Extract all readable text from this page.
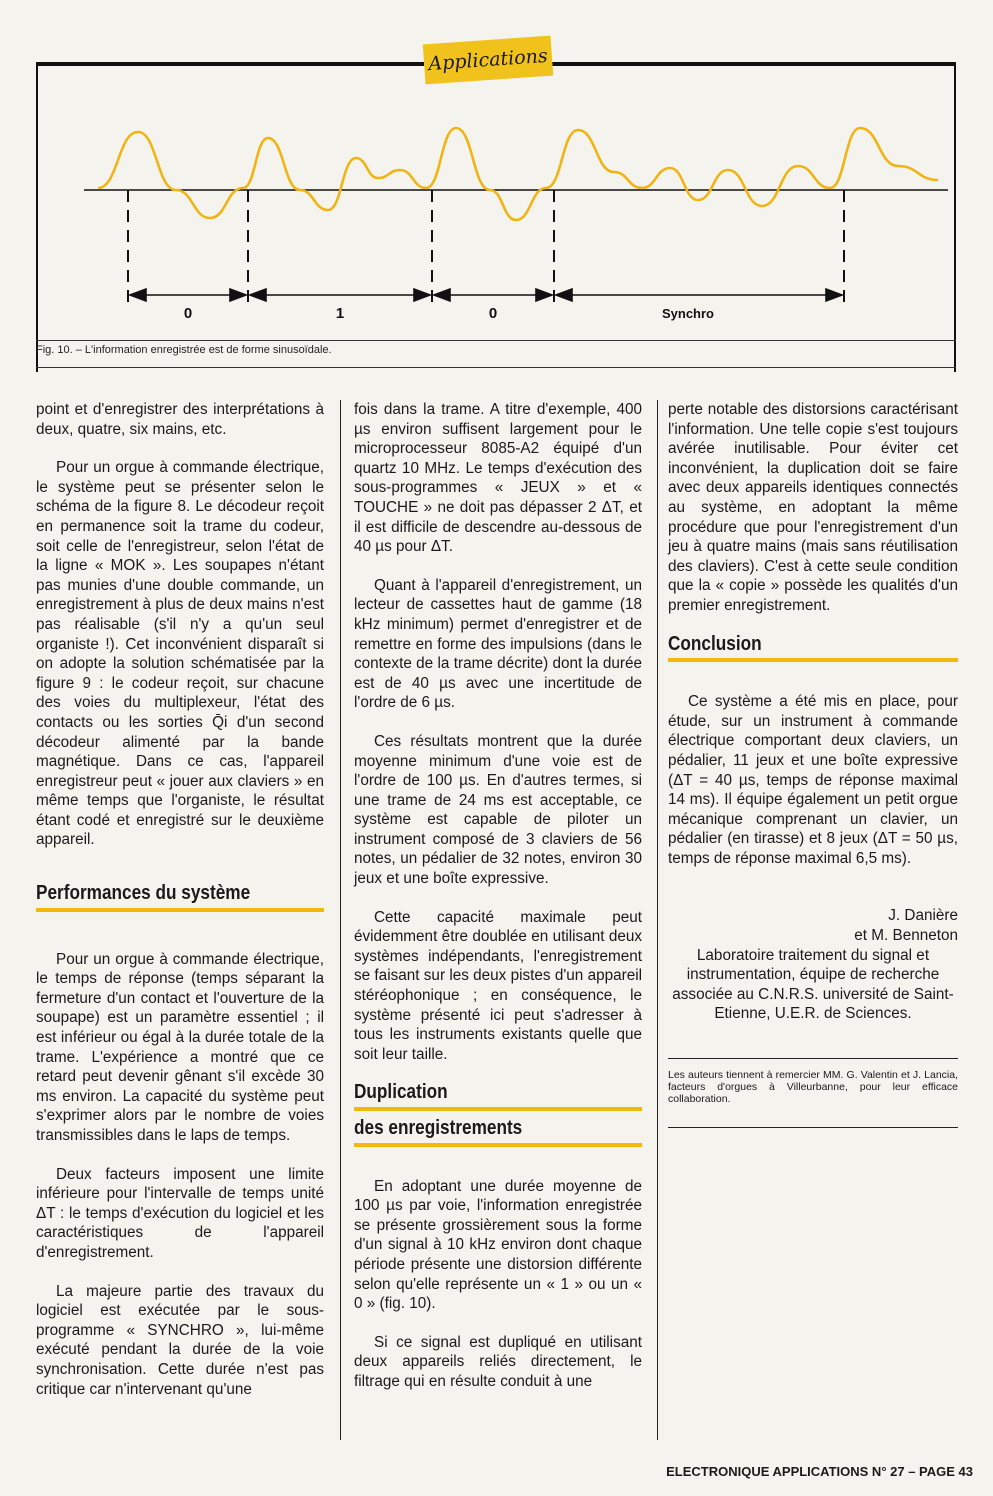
Applications
0	1	0	Synchro
Fig. 10. – L'information enregistrée est de forme sinusoïdale.

point et d'enregistrer des interprétations à deux, quatre, six mains, etc.

Pour un orgue à commande électrique, le système peut se présenter selon le schéma de la figure 8. Le décodeur reçoit en permanence soit la trame du codeur, soit celle de l'enregistreur, selon l'état de la ligne « MOK ». Les soupapes n'étant pas munies d'une double commande, un enregistrement à plus de deux mains n'est pas réalisable (s'il n'y a qu'un seul organiste !). Cet inconvénient disparaît si on adopte la solution schématisée par la figure 9 : le codeur reçoit, sur chacune des voies du multiplexeur, l'état des contacts ou les sorties Q̄i d'un second décodeur alimenté par la bande magnétique. Dans ce cas, l'appareil enregistreur peut « jouer aux claviers » en même temps que l'organiste, le résultat étant codé et enregistré sur le deuxième appareil.

Performances du système

Pour un orgue à commande électrique, le temps de réponse (temps séparant la fermeture d'un contact et l'ouverture de la soupape) est un paramètre essentiel ; il est inférieur ou égal à la durée totale de la trame. L'expérience a montré que ce retard peut devenir gênant s'il excède 30 ms environ. La capacité du système peut s'exprimer alors par le nombre de voies transmissibles dans le laps de temps.

Deux facteurs imposent une limite inférieure pour l'intervalle de temps unité ΔT : le temps d'exécution du logiciel et les caractéristiques de l'appareil d'enregistrement.

La majeure partie des travaux du logiciel est exécutée par le sous-programme « SYNCHRO », lui-même exécuté pendant la durée de la voie synchronisation. Cette durée n'est pas critique car n'intervenant qu'une

fois dans la trame. A titre d'exemple, 400 µs environ suffisent largement pour le microprocesseur 8085-A2 équipé d'un quartz 10 MHz. Le temps d'exécution des sous-programmes « JEUX » et « TOUCHE » ne doit pas dépasser 2 ΔT, et il est difficile de descendre au-dessous de 40 µs pour ΔT.

Quant à l'appareil d'enregistrement, un lecteur de cassettes haut de gamme (18 kHz minimum) permet d'enregistrer et de remettre en forme des impulsions (dans le contexte de la trame décrite) dont la durée est de 40 µs avec une incertitude de l'ordre de 6 µs.

Ces résultats montrent que la durée moyenne minimum d'une voie est de l'ordre de 100 µs. En d'autres termes, si une trame de 24 ms est acceptable, ce système est capable de piloter un instrument composé de 3 claviers de 56 notes, un pédalier de 32 notes, environ 30 jeux et une boîte expressive.

Cette capacité maximale peut évidemment être doublée en utilisant deux systèmes indépendants, l'enregistrement se faisant sur les deux pistes d'un appareil stéréophonique ; en conséquence, le système présenté ici peut s'adresser à tous les instruments existants quelle que soit leur taille.

Duplication
des enregistrements

En adoptant une durée moyenne de 100 µs par voie, l'information enregistrée se présente grossièrement sous la forme d'un signal à 10 kHz environ dont chaque période présente une distorsion différente selon qu'elle représente un « 1 » ou un « 0 » (fig. 10).

Si ce signal est dupliqué en utilisant deux appareils reliés directement, le filtrage qui en résulte conduit à une

perte notable des distorsions caractérisant l'information. Une telle copie s'est toujours avérée inutilisable. Pour éviter cet inconvénient, la duplication doit se faire avec deux appareils identiques connectés au système, en adoptant la même procédure que pour l'enregistrement d'un jeu à quatre mains (mais sans réutilisation des claviers). C'est à cette seule condition que la « copie » possède les qualités d'un premier enregistrement.

Conclusion

Ce système a été mis en place, pour étude, sur un instrument à commande électrique comportant deux claviers, un pédalier, 11 jeux et une boîte expressive (ΔT = 40 µs, temps de réponse maximal 14 ms). Il équipe également un petit orgue mécanique comprenant un clavier, un pédalier (en tirasse) et 8 jeux (ΔT = 50 µs, temps de réponse maximal 6,5 ms).

J. Danière
et M. Benneton
Laboratoire traitement du signal et instrumentation, équipe de recherche associée au C.N.R.S. université de Saint-Etienne, U.E.R. de Sciences.
Les auteurs tiennent à remercier MM. G. Valentin et J. Lancia, facteurs d'orgues à Villeurbanne, pour leur efficace collaboration.
ELECTRONIQUE APPLICATIONS N° 27 – PAGE 43
